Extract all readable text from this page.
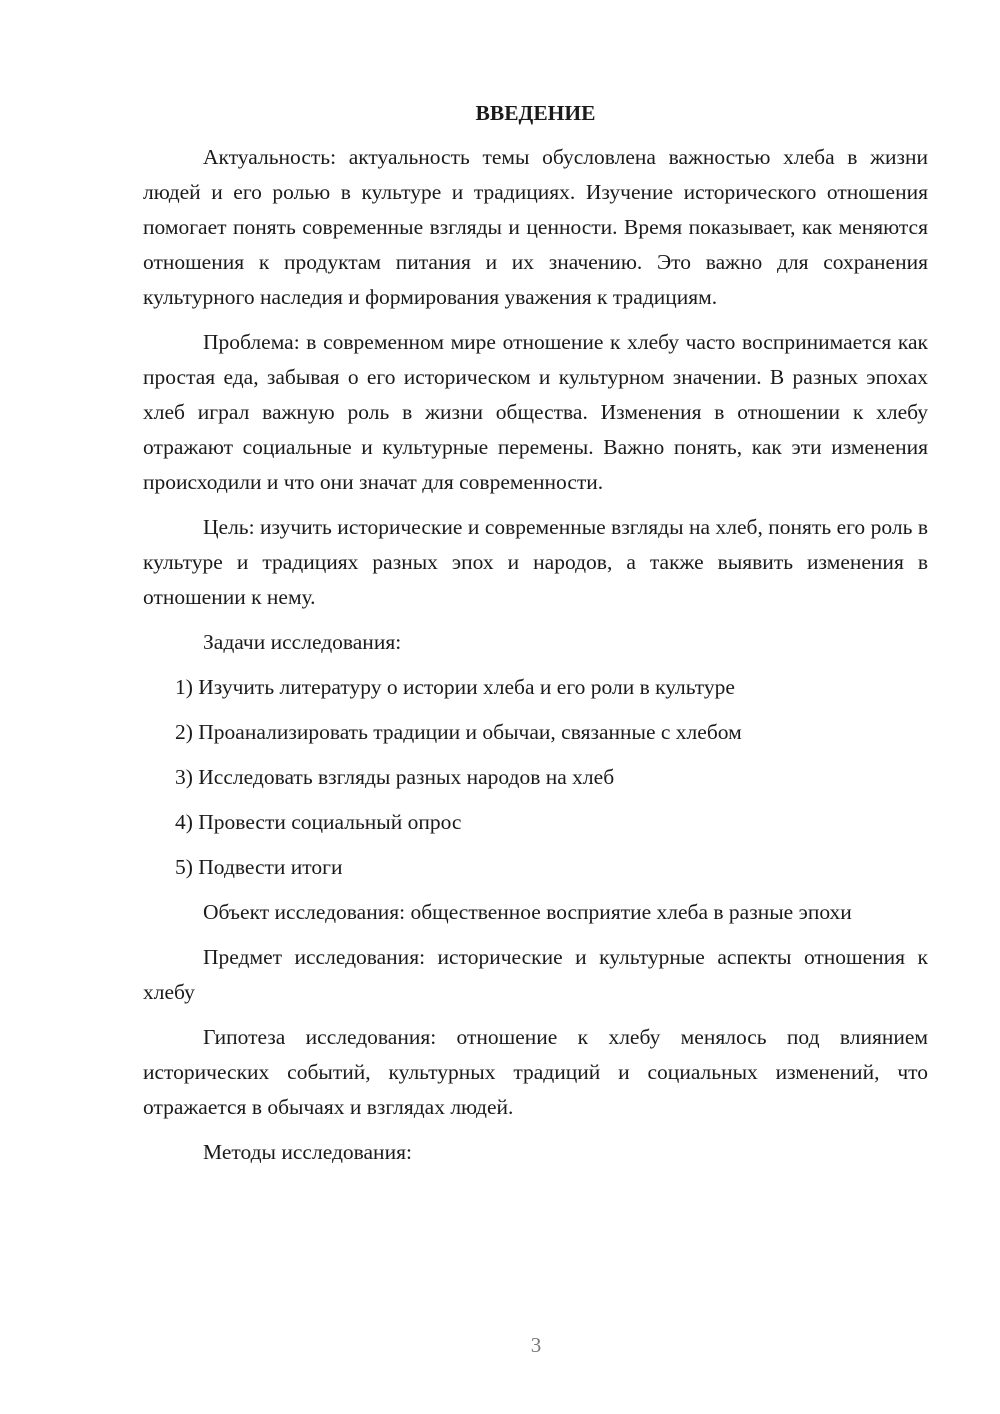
ВВЕДЕНИЕ

Актуальность: актуальность темы обусловлена важностью хлеба в жизни людей и его ролью в культуре и традициях. Изучение исторического отношения помогает понять современные взгляды и ценности. Время показывает, как меняются отношения к продуктам питания и их значению. Это важно для сохранения культурного наследия и формирования уважения к традициям.

Проблема: в современном мире отношение к хлебу часто воспринимается как простая еда, забывая о его историческом и культурном значении. В разных эпохах хлеб играл важную роль в жизни общества. Изменения в отношении к хлебу отражают социальные и культурные перемены. Важно понять, как эти изменения происходили и что они значат для современности.

Цель: изучить исторические и современные взгляды на хлеб, понять его роль в культуре и традициях разных эпох и народов, а также выявить изменения в отношении к нему.

Задачи исследования:

1) Изучить литературу о истории хлеба и его роли в культуре
2) Проанализировать традиции и обычаи, связанные с хлебом
3) Исследовать взгляды разных народов на хлеб
4) Провести социальный опрос
5) Подвести итоги

Объект исследования: общественное восприятие хлеба в разные эпохи

Предмет исследования: исторические и культурные аспекты отношения к хлебу

Гипотеза исследования: отношение к хлебу менялось под влиянием исторических событий, культурных традиций и социальных изменений, что отражается в обычаях и взглядах людей.

Методы исследования:

3
